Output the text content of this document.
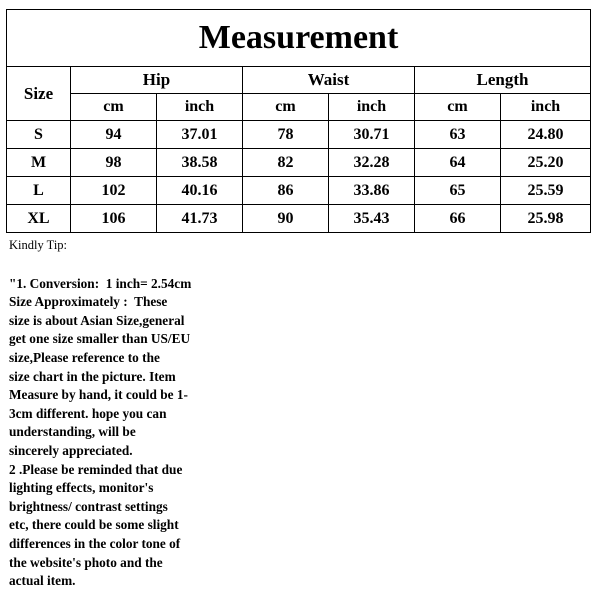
Measurement						
Size	Hip		Waist		Length	
	cm	inch	cm	inch	cm	inch
S	94	37.01	78	30.71	63	24.80
M	98	38.58	82	32.28	64	25.20
L	102	40.16	86	33.86	65	25.59
XL	106	41.73	90	35.43	66	25.98
Kindly Tip:
"1. Conversion:  1 inch= 2.54cm
Size Approximately :  These
size is about Asian Size,general
get one size smaller than US/EU
size,Please reference to the
size chart in the picture. Item
Measure by hand, it could be 1-
3cm different. hope you can
understanding, will be
sincerely appreciated.
2 .Please be reminded that due
lighting effects, monitor's
brightness/ contrast settings
etc, there could be some slight
differences in the color tone of
the website's photo and the
actual item.
